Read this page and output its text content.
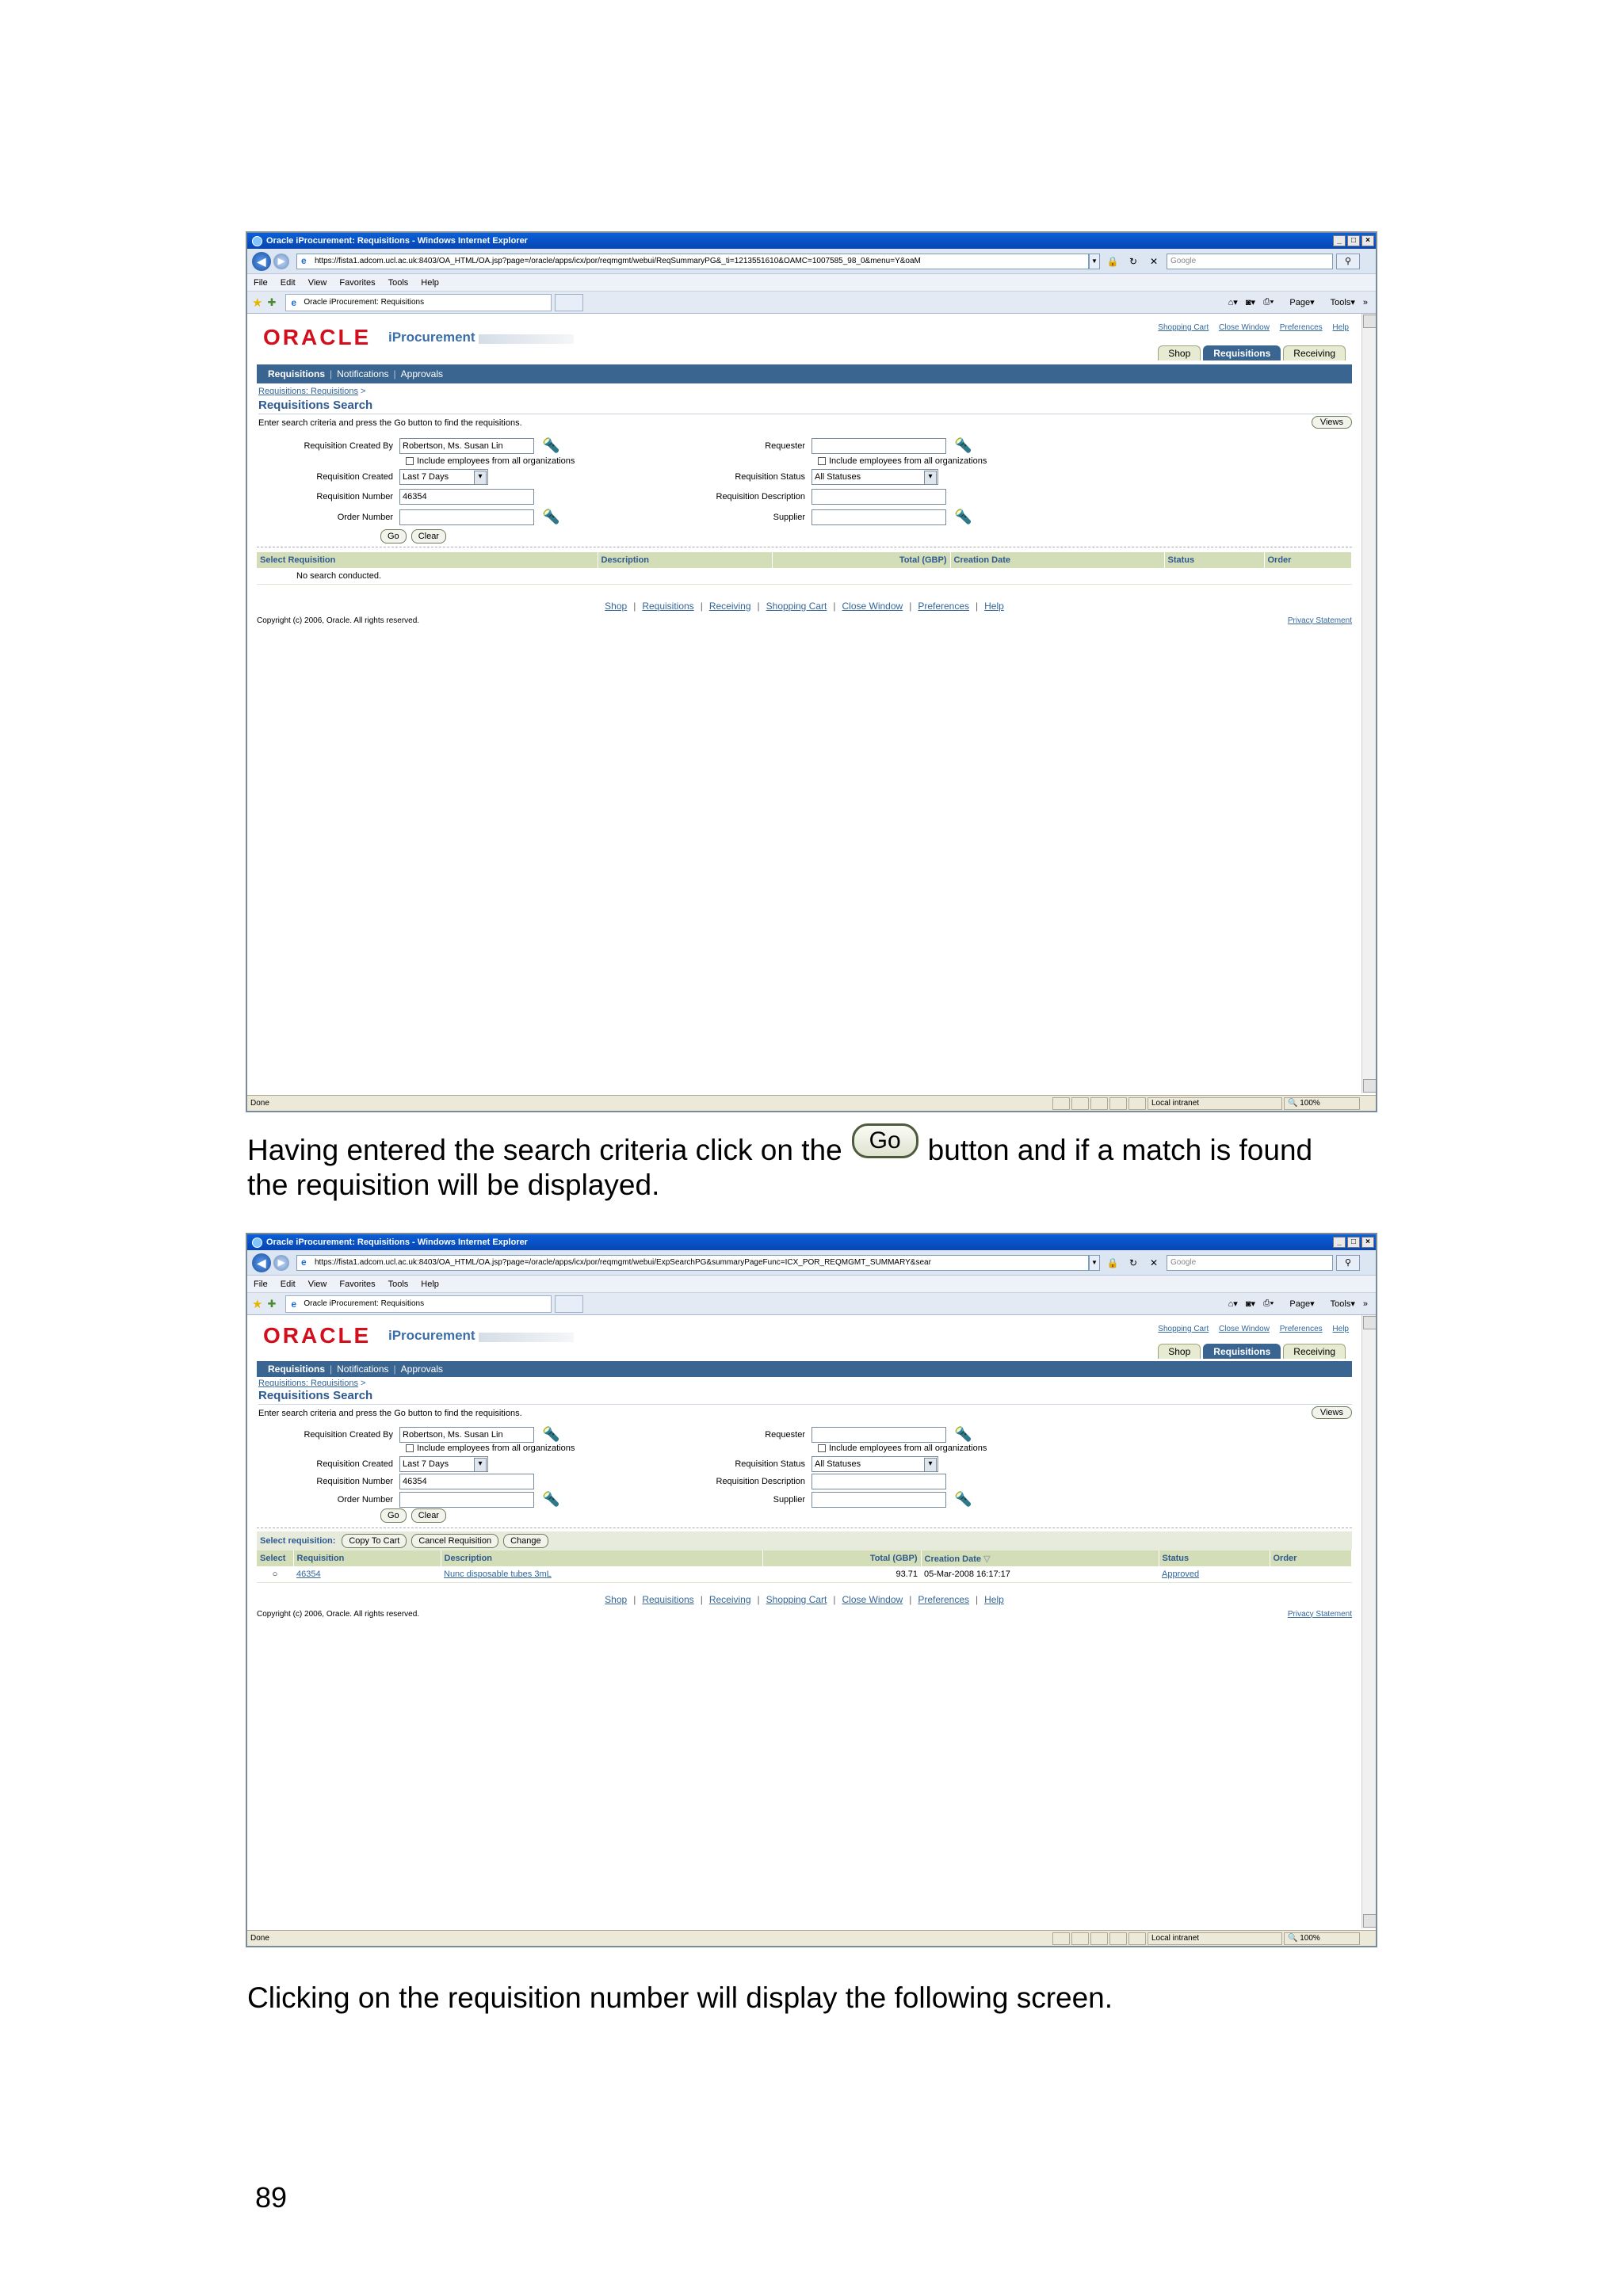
Oracle iProcurement: Requisitions - Windows Internet Explorer	_	□	×
◀	▶	e https://fista1.adcom.ucl.ac.uk:8403/OA_HTML/OA.jsp?page=/oracle/apps/icx/por/reqmgmt/webui/ReqSummaryPG&_ti=1213551610&OAMC=1007585_98_0&menu=Y&oaM	▼ 🔒	↻	✕	Google	⚲
File Edit View Favorites Tools Help
★ ✚	e Oracle iProcurement: Requisitions	⌂▾ ◙▾ ⎙▾	Page▾	Tools▾ »
ORACLE iProcurement
Shopping Cart Close Window Preferences Help
Shop	Requisitions	Receiving
Requisitions | Notifications | Approvals
Requisitions: Requisitions >
Requisitions Search
Enter search criteria and press the Go button to find the requisitions.	Views
Requisition Created By	Robertson, Ms. Susan Lin	🔦
Include employees from all organizations
Requisition Created	Last 7 Days ▾
Requisition Number	46354
Order Number	🔦
Go	Clear
Requester	🔦
Include employees from all organizations
Requisition Status	All Statuses ▾
Requisition Description
Supplier	🔦
Select Requisition	Description	Total (GBP)	Creation Date	Status	Order
No search conducted.					
Shop | Requisitions | Receiving | Shopping Cart | Close Window | Preferences | Help
Copyright (c) 2006, Oracle. All rights reserved.	Privacy Statement
Done	Local intranet	🔍 100%
Having entered the search criteria click on the Go button and if a match is found
the requisition will be displayed.
Oracle iProcurement: Requisitions - Windows Internet Explorer	_	□	×
◀	▶	e https://fista1.adcom.ucl.ac.uk:8403/OA_HTML/OA.jsp?page=/oracle/apps/icx/por/reqmgmt/webui/ExpSearchPG&summaryPageFunc=ICX_POR_REQMGMT_SUMMARY&sear	▼ 🔒	↻	✕	Google	⚲
File Edit View Favorites Tools Help
★ ✚	e Oracle iProcurement: Requisitions	⌂▾ ◙▾ ⎙▾	Page▾	Tools▾ »
ORACLE iProcurement	Shopping Cart Close Window Preferences Help
Shop	Requisitions	Receiving
Requisitions | Notifications | Approvals
Requisitions: Requisitions >
Requisitions Search
Enter search criteria and press the Go button to find the requisitions.	Views
Requisition Created By	Robertson, Ms. Susan Lin	🔦
Include employees from all organizations
Requisition Created	Last 7 Days ▾
Requisition Number	46354
Order Number	🔦
Go	Clear
Requester	🔦
Include employees from all organizations
Requisition Status	All Statuses ▾
Requisition Description
Supplier	🔦
Select requisition:	Copy To Cart	Cancel Requisition	Change
Select	Requisition	Description	Total (GBP)	Creation Date ▽	Status	Order
○	46354	Nunc disposable tubes 3mL	93.71	05-Mar-2008 16:17:17	Approved	
Shop | Requisitions | Receiving | Shopping Cart | Close Window | Preferences | Help
Copyright (c) 2006, Oracle. All rights reserved.	Privacy Statement
Done	Local intranet	🔍 100%
Clicking on the requisition number will display the following screen.
89
